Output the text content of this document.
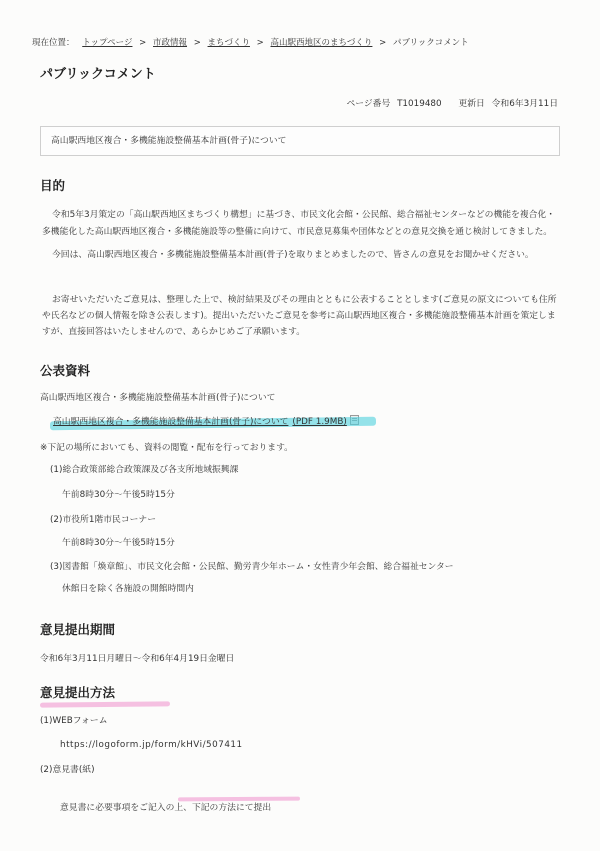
現在位置： トップページ > 市政情報 > まちづくり > 高山駅西地区のまちづくり > パブリックコメント
パブリックコメント
ページ番号 T1019480 更新日 令和6年3月11日
高山駅西地区複合・多機能施設整備基本計画(骨子)について
目的
令和5年3月策定の「高山駅西地区まちづくり構想」に基づき、市民文化会館・公民館、総合福祉センターなどの機能を複合化・多機能化した高山駅西地区複合・多機能施設等の整備に向けて、市民意見募集や団体などとの意見交換を通じ検討してきました。
今回は、高山駅西地区複合・多機能施設整備基本計画(骨子)を取りまとめましたので、皆さんの意見をお聞かせください。
お寄せいただいたご意見は、整理した上で、検討結果及びその理由とともに公表することとします(ご意見の原文についても住所や氏名などの個人情報を除き公表します)。提出いただいたご意見を参考に高山駅西地区複合・多機能施設整備基本計画を策定しますが、直接回答はいたしませんので、あらかじめご了承願います。
公表資料
高山駅西地区複合・多機能施設整備基本計画(骨子)について
高山駅西地区複合・多機能施設整備基本計画(骨子)について (PDF 1.9MB)
※下記の場所においても、資料の閲覧・配布を行っております。
(1)総合政策部総合政策課及び各支所地域振興課
午前8時30分～午後5時15分
(2)市役所1階市民コーナー
午前8時30分～午後5時15分
(3)図書館「煥章館」、市民文化会館・公民館、勤労青少年ホーム・女性青少年会館、総合福祉センター
休館日を除く各施設の開館時間内
意見提出期間
令和6年3月11日月曜日～令和6年4月19日金曜日
意見提出方法
(1)WEBフォーム
https://logoform.jp/form/kHVi/507411
(2)意見書(紙)
意見書に必要事項をご記入の上、下記の方法にて提出
